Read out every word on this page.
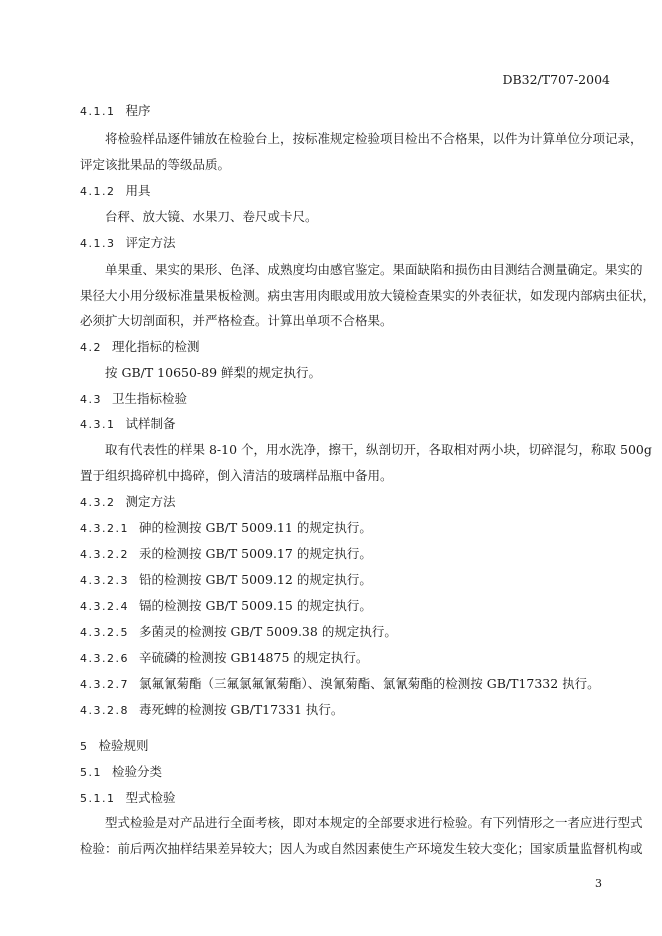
DB32/T707-2004
4.1.1 程序
将检验样品逐件铺放在检验台上，按标准规定检验项目检出不合格果，以件为计算单位分项记录，
评定该批果品的等级品质。
4.1.2 用具
台秤、放大镜、水果刀、卷尺或卡尺。
4.1.3 评定方法
单果重、果实的果形、色泽、成熟度均由感官鉴定。果面缺陷和损伤由目测结合测量确定。果实的
果径大小用分级标准量果板检测。病虫害用肉眼或用放大镜检查果实的外表征状，如发现内部病虫征状，
必须扩大切剖面积，并严格检查。计算出单项不合格果。
4.2 理化指标的检测
按 GB/T 10650-89 鲜梨的规定执行。
4.3 卫生指标检验
4.3.1 试样制备
取有代表性的样果 8-10 个，用水洗净，擦干，纵剖切开，各取相对两小块，切碎混匀，称取 500g
置于组织捣碎机中捣碎，倒入清洁的玻璃样品瓶中备用。
4.3.2 测定方法
4.3.2.1 砷的检测按 GB/T 5009.11 的规定执行。
4.3.2.2 汞的检测按 GB/T 5009.17 的规定执行。
4.3.2.3 铅的检测按 GB/T 5009.12 的规定执行。
4.3.2.4 镉的检测按 GB/T 5009.15 的规定执行。
4.3.2.5 多菌灵的检测按 GB/T 5009.38 的规定执行。
4.3.2.6 辛硫磷的检测按 GB14875 的规定执行。
4.3.2.7 氯氟氰菊酯（三氟氯氟氰菊酯）、溴氰菊酯、氯氰菊酯的检测按 GB/T17332 执行。
4.3.2.8 毒死蜱的检测按 GB/T17331 执行。
5 检验规则
5.1 检验分类
5.1.1 型式检验
型式检验是对产品进行全面考核，即对本规定的全部要求进行检验。有下列情形之一者应进行型式
检验：前后两次抽样结果差异较大；因人为或自然因素使生产环境发生较大变化；国家质量监督机构或
3
